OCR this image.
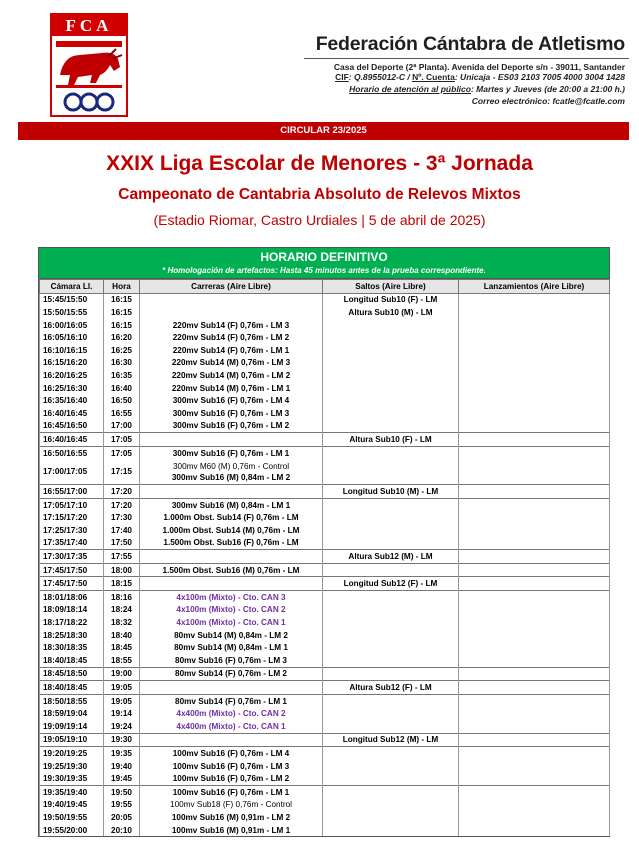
FCA
Federación Cántabra de Atletismo
Casa del Deporte (2ª Planta). Avenida del Deporte s/n - 39011, Santander
CIF: Q.8955012-C / Nº. Cuenta: Unicaja - ES03 2103 7005 4000 3004 1428
Horario de atención al público: Martes y Jueves (de 20:00 a 21:00 h.)
Correo electrónico: fcatle@fcatle.com
CIRCULAR 23/2025
XXIX Liga Escolar de Menores - 3ª Jornada
Campeonato de Cantabria Absoluto de Relevos Mixtos
(Estadio Riomar, Castro Urdiales | 5 de abril de 2025)
HORARIO DEFINITIVO
* Homologación de artefactos: Hasta 45 minutos antes de la prueba correspondiente.
Cámara Ll.	Hora	Carreras (Aire Libre)	Saltos (Aire Libre)	Lanzamientos (Aire Libre)
15:45/15:50	16:15		Longitud Sub10 (F) - LM	
15:50/15:55	16:15		Altura Sub10 (M) - LM	
16:00/16:05	16:15	220mv Sub14 (F) 0,76m - LM 3		
16:05/16:10	16:20	220mv Sub14 (F) 0,76m - LM 2		
16:10/16:15	16:25	220mv Sub14 (F) 0,76m - LM 1		
16:15/16:20	16:30	220mv Sub14 (M) 0,76m - LM 3		
16:20/16:25	16:35	220mv Sub14 (M) 0,76m - LM 2		
16:25/16:30	16:40	220mv Sub14 (M) 0,76m - LM 1		
16:35/16:40	16:50	300mv Sub16 (F) 0,76m - LM 4		
16:40/16:45	16:55	300mv Sub16 (F) 0,76m - LM 3		
16:45/16:50	17:00	300mv Sub16 (F) 0,76m - LM 2		
16:40/16:45	17:05		Altura Sub10 (F) - LM	
16:50/16:55	17:05	300mv Sub16 (F) 0,76m - LM 1		
17:00/17:05	17:15	300mv M60 (M) 0,76m - Control
300mv Sub16 (M) 0,84m - LM 2		

16:55/17:00	17:20		Longitud Sub10 (M) - LM	
17:05/17:10	17:20	300mv Sub16 (M) 0,84m - LM 1		
17:15/17:20	17:30	1.000m Obst. Sub14 (F) 0,76m - LM		
17:25/17:30	17:40	1.000m Obst. Sub14 (M) 0,76m - LM		
17:35/17:40	17:50	1.500m Obst. Sub16 (F) 0,76m - LM		
17:30/17:35	17:55		Altura Sub12 (M) - LM	
17:45/17:50	18:00	1.500m Obst. Sub16 (M) 0,76m - LM		
17:45/17:50	18:15		Longitud Sub12 (F) - LM	
18:01/18:06	18:16	4x100m (Mixto) - Cto. CAN 3		
18:09/18:14	18:24	4x100m (Mixto) - Cto. CAN 2		
18:17/18:22	18:32	4x100m (Mixto) - Cto. CAN 1		
18:25/18:30	18:40	80mv Sub14 (M) 0,84m - LM 2		
18:30/18:35	18:45	80mv Sub14 (M) 0,84m - LM 1		
18:40/18:45	18:55	80mv Sub16 (F) 0,76m - LM 3		
18:45/18:50	19:00	80mv Sub14 (F) 0,76m - LM 2		
18:40/18:45	19:05		Altura Sub12 (F) - LM	
18:50/18:55	19:05	80mv Sub14 (F) 0,76m - LM 1		
18:59/19:04	19:14	4x400m (Mixto) - Cto. CAN 2		
19:09/19:14	19:24	4x400m (Mixto) - Cto. CAN 1		
19:05/19:10	19:30		Longitud Sub12 (M) - LM	
19:20/19:25	19:35	100mv Sub16 (F) 0,76m - LM 4		
19:25/19:30	19:40	100mv Sub16 (F) 0,76m - LM 3		
19:30/19:35	19:45	100mv Sub16 (F) 0,76m - LM 2		
19:35/19:40	19:50	100mv Sub16 (F) 0,76m - LM 1		
19:40/19:45	19:55	100mv Sub18 (F) 0,76m - Control		
19:50/19:55	20:05	100mv Sub16 (M) 0,91m - LM 2		
19:55/20:00	20:10	100mv Sub16 (M) 0,91m - LM 1		
